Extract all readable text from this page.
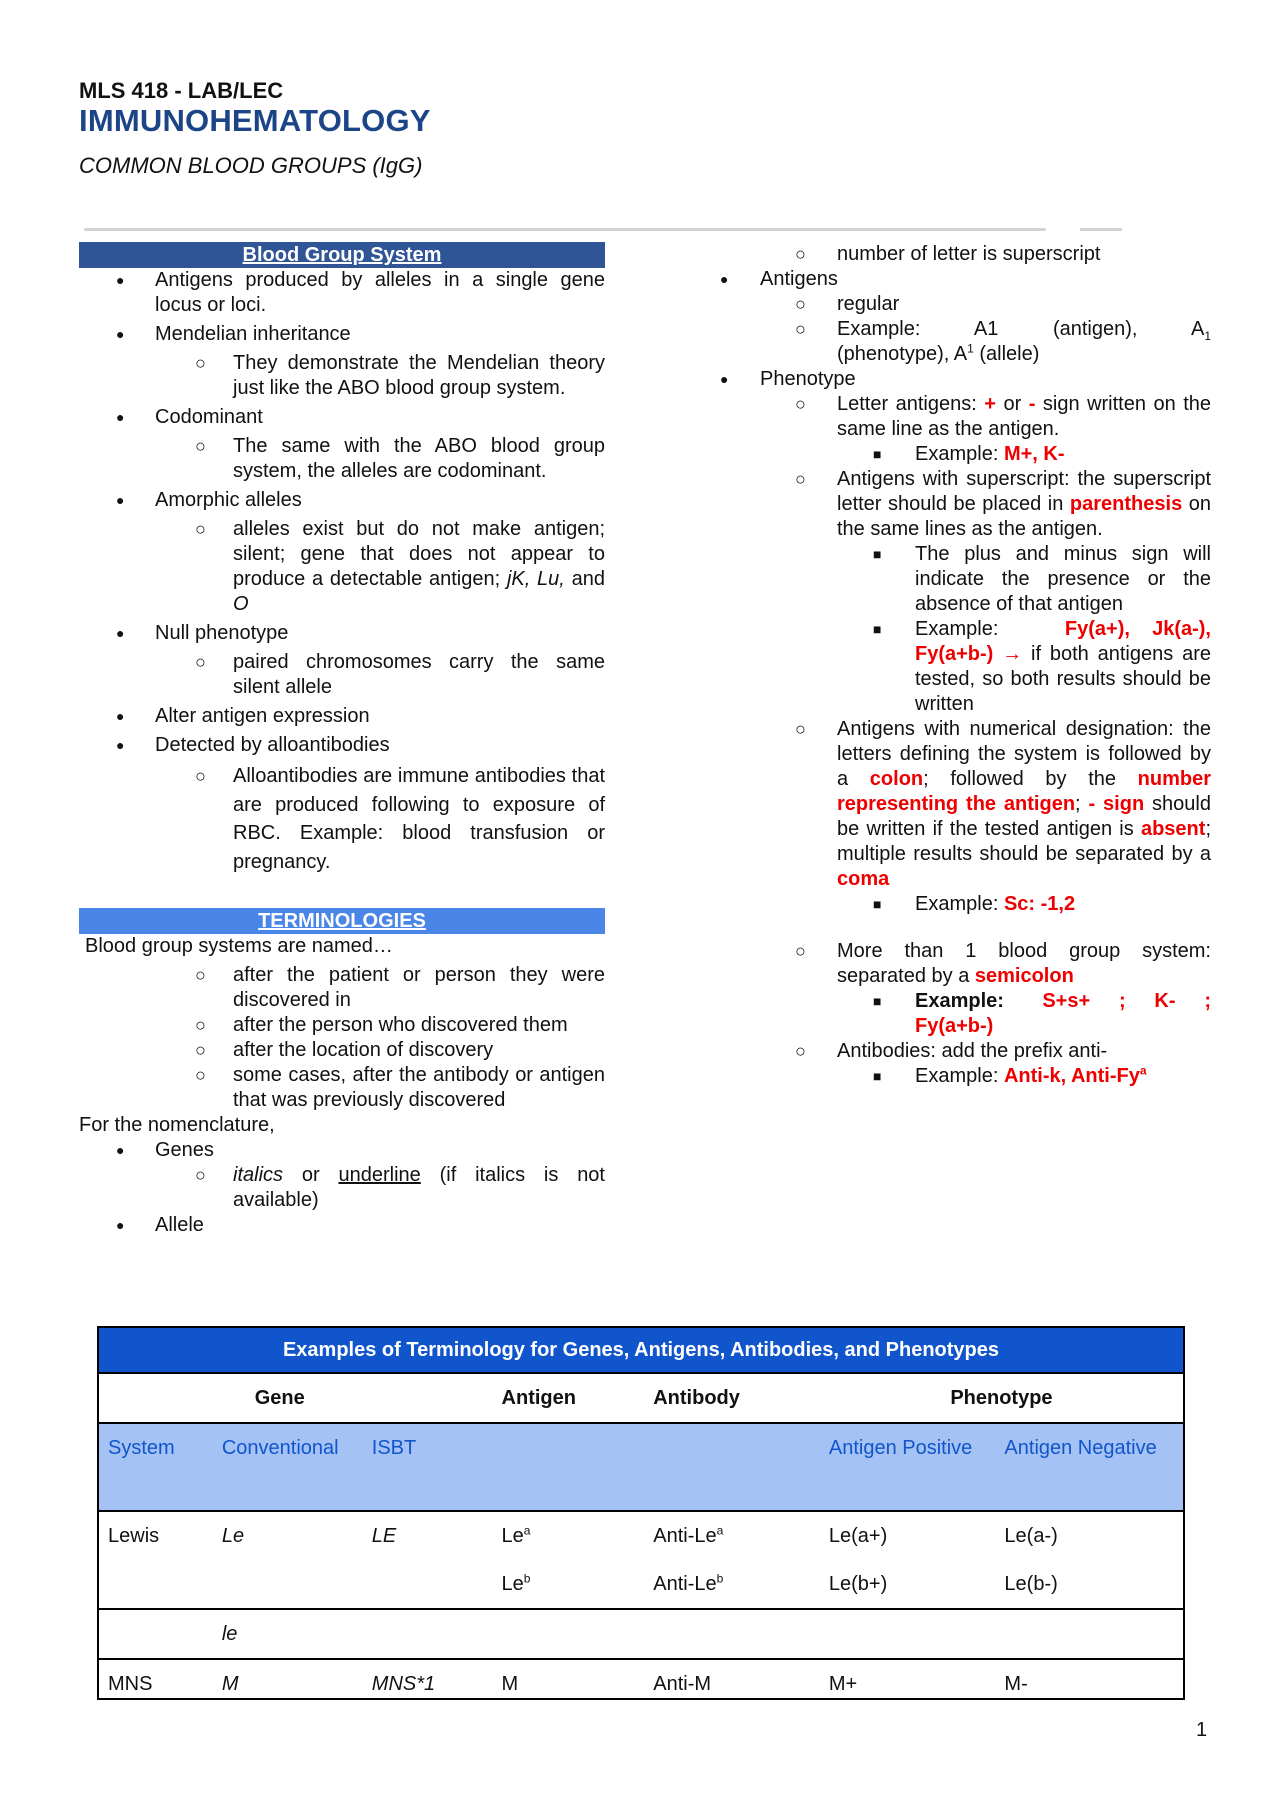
MLS 418 - LAB/LEC
IMMUNOHEMATOLOGY
COMMON BLOOD GROUPS (IgG)
Blood Group System
● Antigens produced by alleles in a single gene locus or loci.
● Mendelian inheritance
○ They demonstrate the Mendelian theory just like the ABO blood group system.
● Codominant
○ The same with the ABO blood group system, the alleles are codominant.
● Amorphic alleles
○ alleles exist but do not make antigen; silent; gene that does not appear to produce a detectable antigen; jK, Lu, and O
● Null phenotype
○ paired chromosomes carry the same silent allele
● Alter antigen expression
● Detected by alloantibodies
○ Alloantibodies are immune antibodies that are produced following to exposure of RBC. Example: blood transfusion or pregnancy.
TERMINOLOGIES
Blood group systems are named…
○ after the patient or person they were discovered in
○ after the person who discovered them
○ after the location of discovery
○ some cases, after the antibody or antigen that was previously discovered
For the nomenclature,
● Genes
○ italics or underline (if italics is not available)
● Allele
○ number of letter is superscript
● Antigens
○ regular
○ Example:      A1      (antigen),      $A_1$ (phenotype), $A^1$ (allele)
● Phenotype
○ Letter antigens: + or - sign written on the same line as the antigen.
■ Example: M+, K-
○ Antigens with superscript: the superscript letter should be placed in parenthesis on the same lines as the antigen.
■ The plus and minus sign will indicate the presence or the absence of that antigen
■ Example:   Fy(a+), Jk(a-), Fy(a+b-) → if both antigens are tested, so both results should be written
○ Antigens with numerical designation: the letters defining the system is followed by a colon; followed by the number representing the antigen; - sign should be written if the tested antigen is absent; multiple results should be separated by a coma
■ Example: Sc: -1,2
○ More than 1 blood group system: separated by a semicolon
■ Example:    S+s+   ;   K-   ; Fy(a+b-)
○ Antibodies: add the prefix anti-
■ Example: Anti-k, Anti-Fy$^a$
Examples of Terminology for Genes, Antigens, Antibodies, and Phenotypes						
Gene			Antigen	Antibody	Phenotype	
System	Conventional	ISBT			Antigen Positive	Antigen Negative
Lewis	Le	LE	Le$^a$	Anti-Le$^a$	Le(a+)	Le(a-)
			Le$^b$	Anti-Le$^b$	Le(b+)	Le(b-)
	le					
MNS	M	MNS*1	M	Anti-M	M+	M-
1
